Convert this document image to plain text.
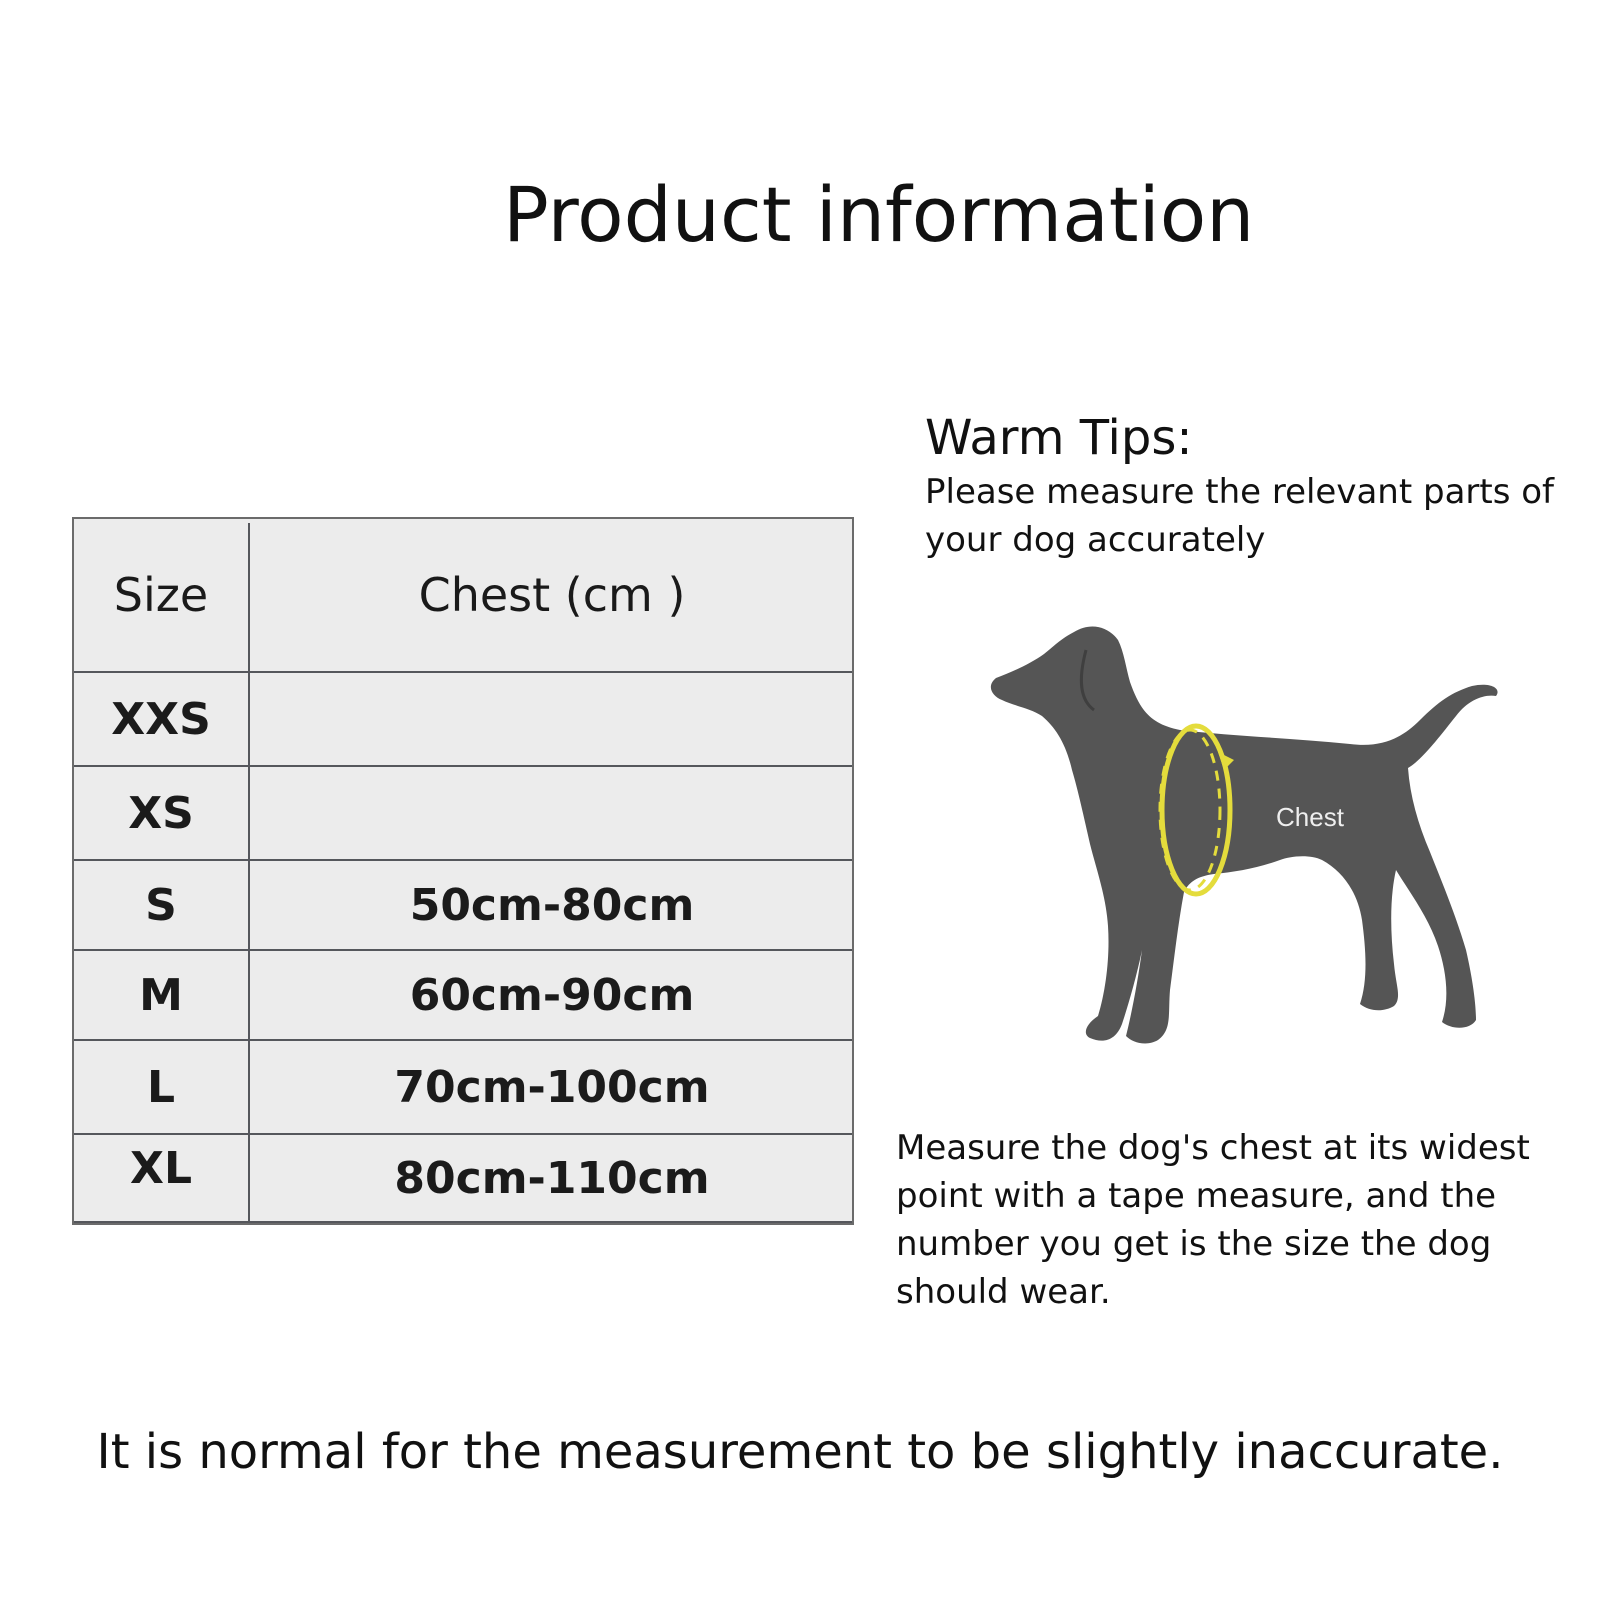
Product information
Size	Chest (cm )
XXS
XS
S	50cm-80cm
M	60cm-90cm
L	70cm-100cm
XL	80cm-110cm
Warm Tips:
Please measure the relevant parts of your dog accurately
Chest
Measure the dog's chest at its widest point with a tape measure, and the number you get is the size the dog should wear.
It is normal for the measurement to be slightly inaccurate.
